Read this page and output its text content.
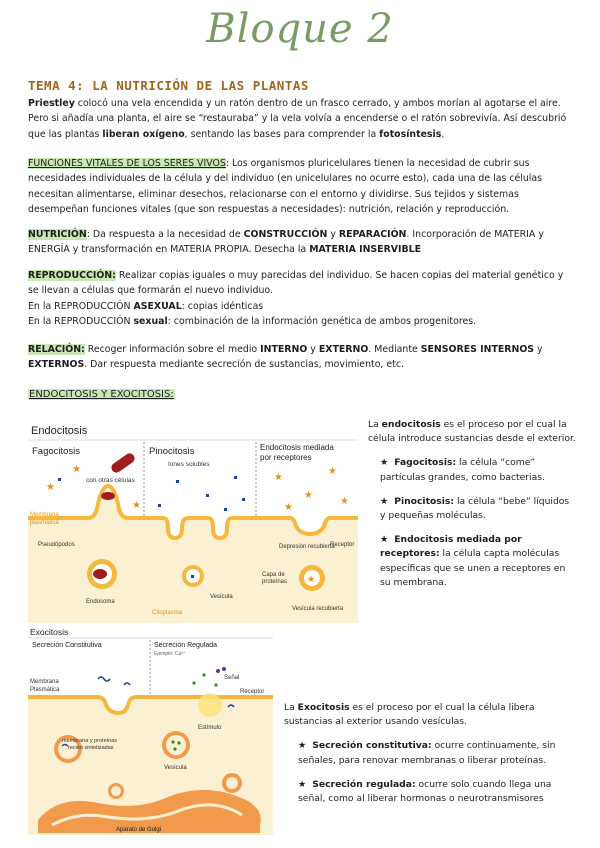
Bloque 2
TEMA 4: LA NUTRICIÓN DE LAS PLANTAS

Priestley colocó una vela encendida y un ratón dentro de un frasco cerrado, y ambos morían al agotarse el aire. Pero si añadía una planta, el aire se “restauraba” y la vela volvía a encenderse o el ratón sobrevivía. Así descubrió que las plantas liberan oxígeno, sentando las bases para comprender la fotosíntesis.

FUNCIONES VITALES DE LOS SERES VIVOS: Los organismos pluricelulares tienen la necesidad de cubrir sus necesidades individuales de la célula y del individuo (en unicelulares no ocurre esto), cada una de las células necesitan alimentarse, eliminar desechos, relacionarse con el entorno y dividirse. Sus tejidos y sistemas desempeñan funciones vitales (que son respuestas a necesidades): nutrición, relación y reproducción.

NUTRICIÓN: Da respuesta a la necesidad de CONSTRUCCIÓN y REPARACIÓN. Incorporación de MATERIA y ENERGÍA y transformación en MATERIA PROPIA. Desecha la MATERIA INSERVIBLE

REPRODUCCIÓN: Realizar copias iguales o muy parecidas del individuo. Se hacen copias del material genético y se llevan a células que formarán el nuevo individuo.

En la REPRODUCCIÓN ASEXUAL: copias idénticas

En la REPRODUCCIÓN sexual: combinación de la información genética de ambos progenitores.

RELACIÓN: Recoger información sobre el medio INTERNO y EXTERNO. Mediante SENSORES INTERNOS y EXTERNOS. Dar respuesta mediante secreción de sustancias, movimiento, etc.

ENDOCITOSIS Y EXOCITOSIS:
Endocitosis
Fagocitosis	Pinocitosis	Endocitosis mediada
por receptores
con otras células
Iones solubles
Membrana
plasmática
Pseudópodos
Endosoma
Vesícula
Citoplasma
★
Receptor
Depresión recubierta
Capa de
proteínas
Vesícula recubierta
★
★
★
★
★
★
★
★

La endocitosis es el proceso por el cual la célula introduce sustancias desde el exterior.

★ Fagocitosis: la célula “come” partículas grandes, como bacterias.

★ Pinocitosis: la célula “bebe” líquidos y pequeñas moléculas.

★ Endocitosis mediada por receptores: la célula capta moléculas específicas que se unen a receptores en su membrana.

Exocitosis
Secreción Constitutiva	Secreción Regulada
Ejemplo: Ca²⁺
Membrana
Plasmática
Señal
Receptor
Estímulo
membrana y proteínas
recién sintetizadas
Vesícula
Aparato de Golgi

La Exocitosis es el proceso por el cual la célula libera sustancias al exterior usando vesículas.

★ Secreción constitutiva: ocurre continuamente, sin señales, para renovar membranas o liberar proteínas.

★ Secreción regulada: ocurre solo cuando llega una señal, como al liberar hormonas o neurotransmisores
